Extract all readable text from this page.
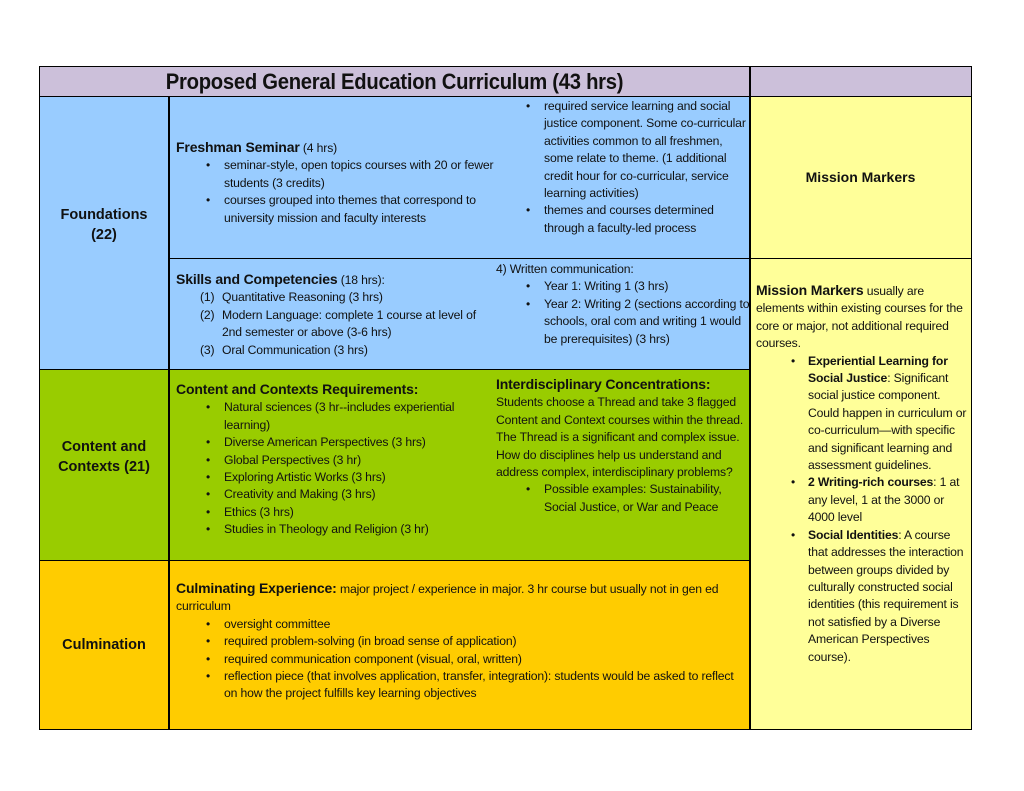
Proposed General Education Curriculum (43 hrs)
Foundations
(22)
Content and
Contexts (21)
Culmination
Freshman Seminar (4 hrs)
• seminar-style, open topics courses with 20 or fewer students (3 credits)
• courses grouped into themes that correspond to university mission and faculty interests
• required service learning and social justice component. Some co-curricular activities common to all freshmen, some relate to theme. (1 additional credit hour for co-curricular, service learning activities)
• themes and courses determined through a faculty-led process
Skills and Competencies (18 hrs):
(1) Quantitative Reasoning (3 hrs)
(2) Modern Language: complete 1 course at level of 2nd semester or above (3-6 hrs)
(3) Oral Communication (3 hrs)
4) Written communication:
• Year 1: Writing 1 (3 hrs)
• Year 2: Writing 2 (sections according to schools, oral com and writing 1 would be prerequisites) (3 hrs)
Content and Contexts Requirements:
• Natural sciences (3 hr--includes experiential learning)
• Diverse American Perspectives (3 hrs)
• Global Perspectives (3 hr)
• Exploring Artistic Works (3 hrs)
• Creativity and Making (3 hrs)
• Ethics (3 hrs)
• Studies in Theology and Religion (3 hr)
Interdisciplinary Concentrations:
Students choose a Thread and take 3 flagged Content and Context courses within the thread. The Thread is a significant and complex issue. How do disciplines help us understand and address complex, interdisciplinary problems?
• Possible examples: Sustainability, Social Justice, or War and Peace
Culminating Experience: major project / experience in major. 3 hr course but usually not in gen ed curriculum
• oversight committee
• required problem-solving (in broad sense of application)
• required communication component (visual, oral, written)
• reflection piece (that involves application, transfer, integration): students would be asked to reflect on how the project fulfills key learning objectives
Mission Markers
Mission Markers usually are elements within existing courses for the core or major, not additional required courses.
• Experiential Learning for Social Justice: Significant social justice component. Could happen in curriculum or co-curriculum—with specific and significant learning and assessment guidelines.
• 2 Writing-rich courses: 1 at any level, 1 at the 3000 or 4000 level
• Social Identities: A course that addresses the interaction between groups divided by culturally constructed social identities (this requirement is not satisfied by a Diverse American Perspectives course).
